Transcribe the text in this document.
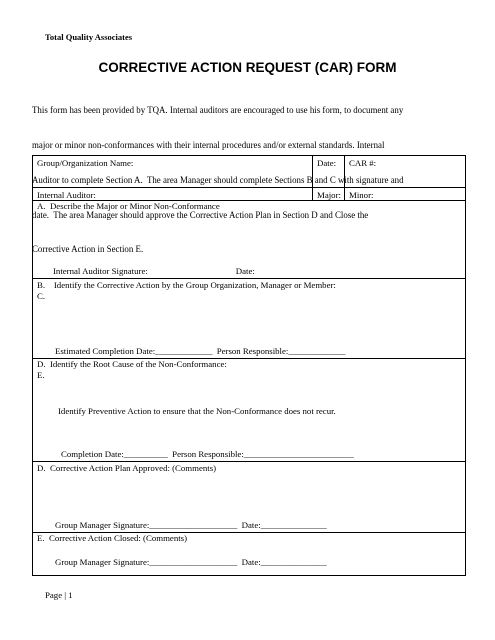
Total Quality Associates
CORRECTIVE ACTION REQUEST (CAR) FORM

This form has been provided by TQA. Internal auditors are encouraged to use his form, to document any

major or minor non-conformances with their internal procedures and/or external standards. Internal

Auditor to complete Section A.  The area Manager should complete Sections B and C with signature and

date.  The area Manager should approve the Corrective Action Plan in Section D and Close the

Corrective Action in Section E.

Group/Organization Name:	Date:	CAR #:

Internal Auditor:	Major:	Minor:

A.  Describe the Major or Minor Non-Conformance
Internal Auditor Signature:                                        Date:		

B.    Identify the Corrective Action by the Group Organization, Manager or Member:
C.
Estimated Completion Date:_____________  Person Responsible:_____________		

D.  Identify the Root Cause of the Non-Conformance:
E.
Identify Preventive Action to ensure that the Non-Conformance does not recur.
Completion Date:__________  Person Responsible:_________________________		

D.  Corrective Action Plan Approved: (Comments)
Group Manager Signature:____________________  Date:_______________		

E.  Corrective Action Closed: (Comments)
Group Manager Signature:____________________  Date:_______________		
Page | 1
